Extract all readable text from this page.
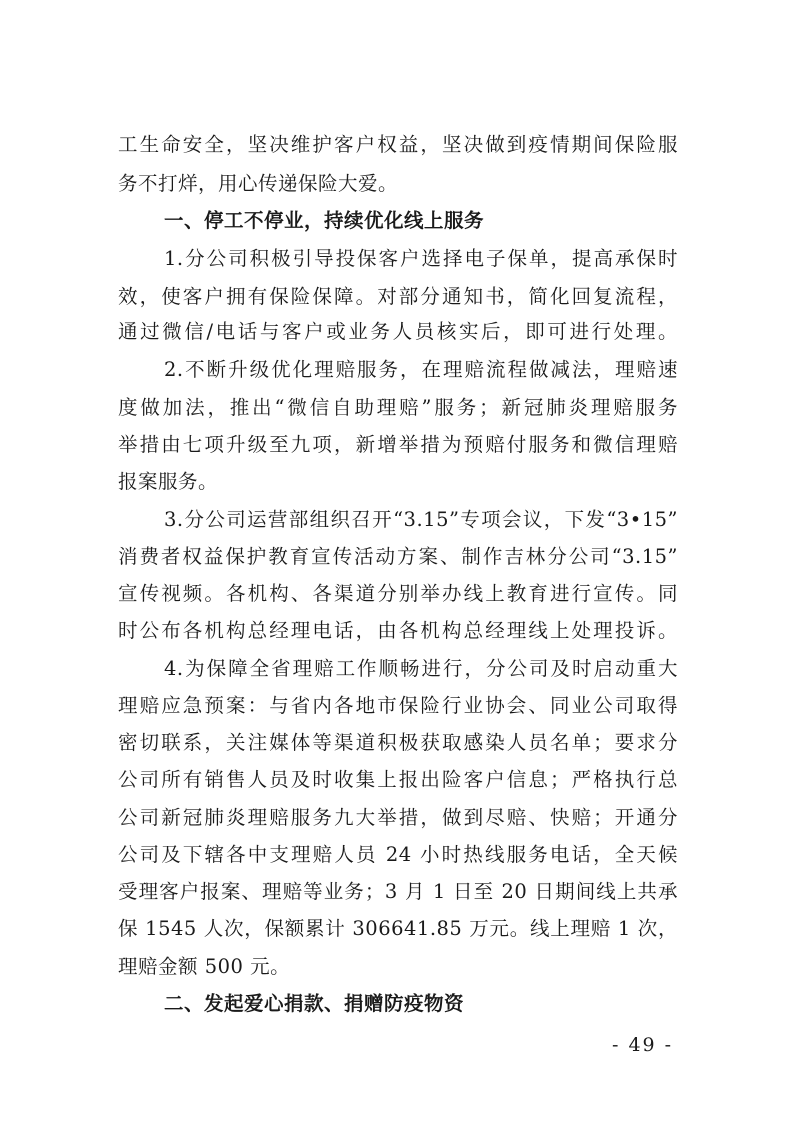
工生命安全，坚决维护客户权益，坚决做到疫情期间保险服
务不打烊，用心传递保险大爱。
一、停工不停业，持续优化线上服务
1.分公司积极引导投保客户选择电子保单，提高承保时
效，使客户拥有保险保障。对部分通知书，简化回复流程，
通过微信/电话与客户或业务人员核实后，即可进行处理。
2.不断升级优化理赔服务，在理赔流程做减法，理赔速
度做加法，推出“微信自助理赔”服务；新冠肺炎理赔服务
举措由七项升级至九项，新增举措为预赔付服务和微信理赔
报案服务。
3.分公司运营部组织召开“3.15”专项会议，下发“3•15”
消费者权益保护教育宣传活动方案、制作吉林分公司“3.15”
宣传视频。各机构、各渠道分别举办线上教育进行宣传。同
时公布各机构总经理电话，由各机构总经理线上处理投诉。
4.为保障全省理赔工作顺畅进行，分公司及时启动重大
理赔应急预案：与省内各地市保险行业协会、同业公司取得
密切联系，关注媒体等渠道积极获取感染人员名单；要求分
公司所有销售人员及时收集上报出险客户信息；严格执行总
公司新冠肺炎理赔服务九大举措，做到尽赔、快赔；开通分
公司及下辖各中支理赔人员 24 小时热线服务电话，全天候
受理客户报案、理赔等业务；3 月 1 日至 20 日期间线上共承
保 1545 人次，保额累计 306641.85 万元。线上理赔 1 次，
理赔金额 500 元。
二、发起爱心捐款、捐赠防疫物资
- 49 -
